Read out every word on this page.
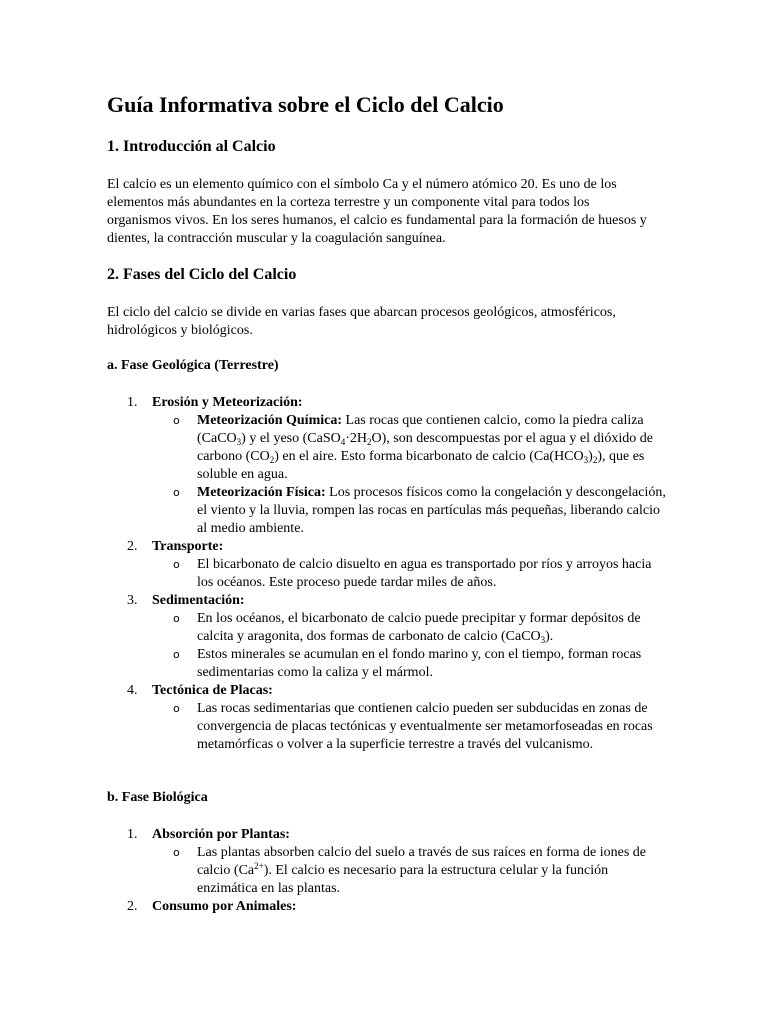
Guía Informativa sobre el Ciclo del Calcio
1. Introducción al Calcio

El calcio es un elemento químico con el símbolo Ca y el número atómico 20. Es uno de los elementos más abundantes en la corteza terrestre y un componente vital para todos los organismos vivos. En los seres humanos, el calcio es fundamental para la formación de huesos y dientes, la contracción muscular y la coagulación sanguínea.

2. Fases del Ciclo del Calcio

El ciclo del calcio se divide en varias fases que abarcan procesos geológicos, atmosféricos, hidrológicos y biológicos.

a. Fase Geológica (Terrestre)
1. Erosión y Meteorización:
o Meteorización Química: Las rocas que contienen calcio, como la piedra caliza (CaCO$_3$) y el yeso $(CaSO_4\cdot 2H_2O)$, son descompuestas por el agua y el dióxido de carbono $(CO_2)$ en el aire. Esto forma bicarbonato de calcio $(Ca(HCO_3)_2)$, que es soluble en agua.
o Meteorización Física: Los procesos físicos como la congelación y descongelación, el viento y la lluvia, rompen las rocas en partículas más pequeñas, liberando calcio al medio ambiente.
2. Transporte:
o El bicarbonato de calcio disuelto en agua es transportado por ríos y arroyos hacia los océanos. Este proceso puede tardar miles de años.
3. Sedimentación:
o En los océanos, el bicarbonato de calcio puede precipitar y formar depósitos de calcita y aragonita, dos formas de carbonato de calcio (CaCO$_3$).
o Estos minerales se acumulan en el fondo marino y, con el tiempo, forman rocas sedimentarias como la caliza y el mármol.
4. Tectónica de Placas:
o Las rocas sedimentarias que contienen calcio pueden ser subducidas en zonas de convergencia de placas tectónicas y eventualmente ser metamorfoseadas en rocas metamórficas o volver a la superficie terrestre a través del vulcanismo.
b. Fase Biológica
1. Absorción por Plantas:
o Las plantas absorben calcio del suelo a través de sus raíces en forma de iones de calcio $(Ca^{2+})$. El calcio es necesario para la estructura celular y la función enzimática en las plantas.
2. Consumo por Animales:
